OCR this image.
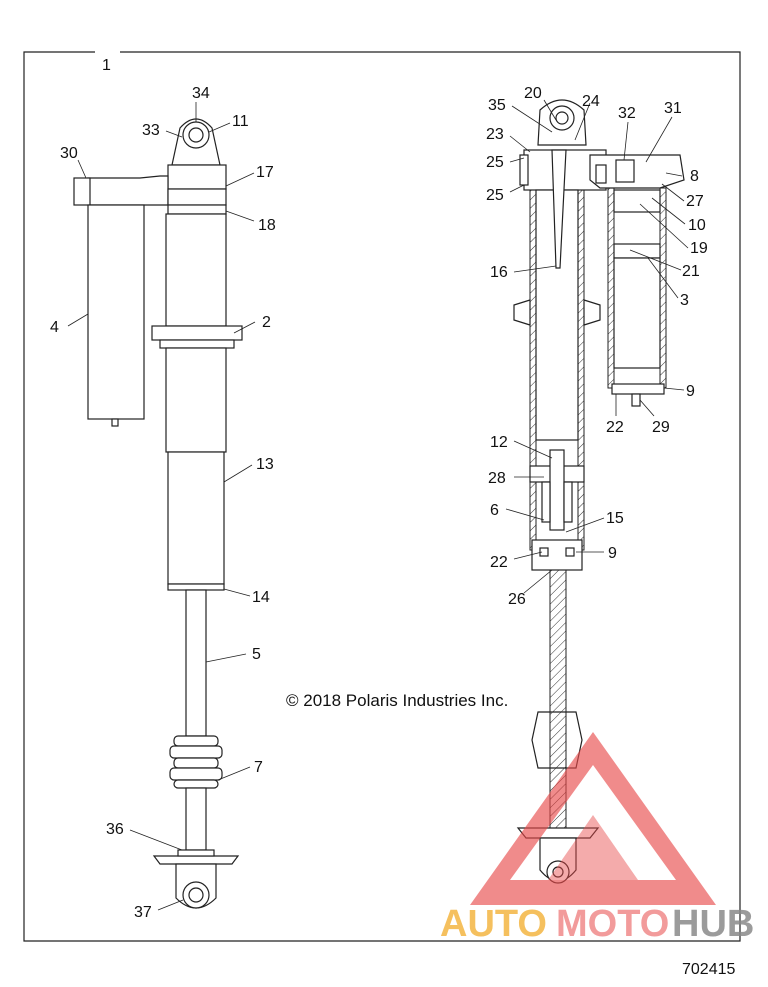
AUTO MOTO HUB
1
34
33
11
30
17
18
2
4
13
14
5
7
36
37
20
35	24
23
25
25
32 31
8
27
10
19
21
16
3
9
22 29
12
28
6	15
22
9
26
© 2018 Polaris Industries Inc.
702415
